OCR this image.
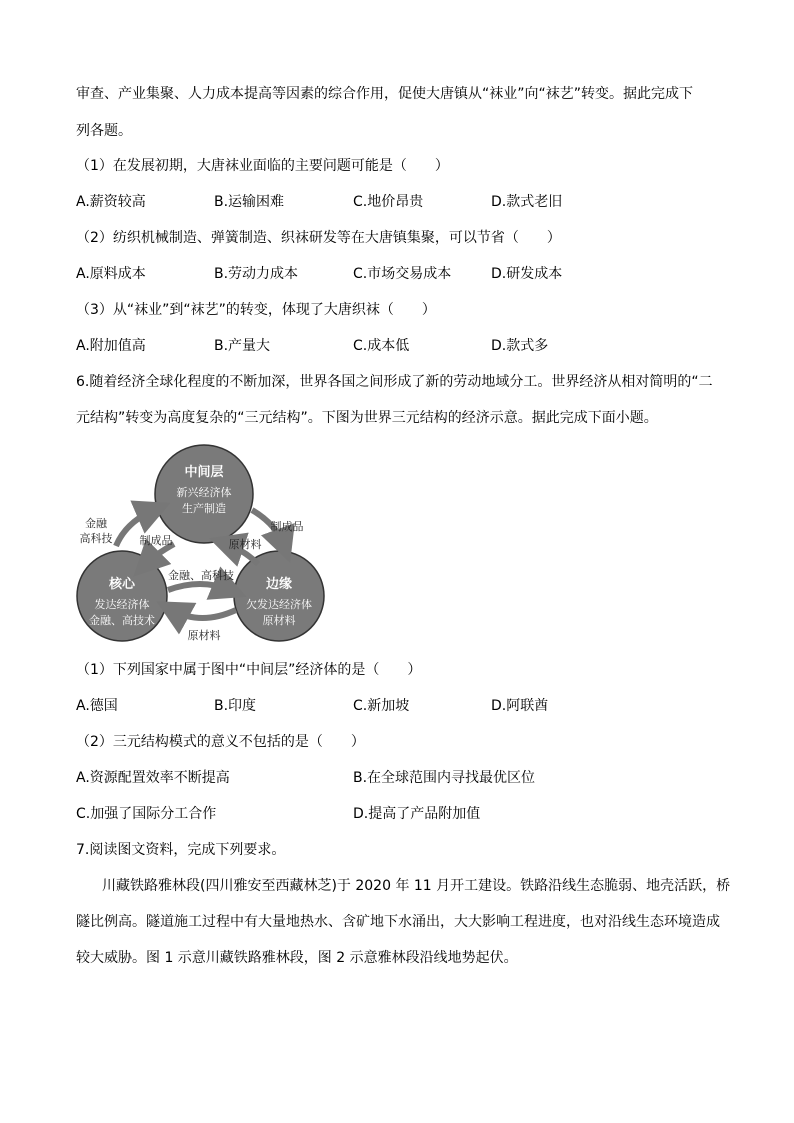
审查、产业集聚、人力成本提高等因素的综合作用，促使大唐镇从“袜业”向“袜艺”转变。据此完成下
列各题。
（1）在发展初期，大唐袜业面临的主要问题可能是（　　）
A.薪资较高	B.运输困难	C.地价昂贵	D.款式老旧
（2）纺织机械制造、弹簧制造、织袜研发等在大唐镇集聚，可以节省（　　）
A.原料成本	B.劳动力成本	C.市场交易成本	D.研发成本
（3）从“袜业”到“袜艺”的转变，体现了大唐织袜（　　）
A.附加值高	B.产量大	C.成本低	D.款式多
6.随着经济全球化程度的不断加深，世界各国之间形成了新的劳动地域分工。世界经济从相对简明的“二
元结构”转变为高度复杂的“三元结构”。下图为世界三元结构的经济示意。据此完成下面小题。
中间层
新兴经济体
生产制造
核心
发达经济体
金融、高技术
边缘
欠发达经济体
原材料
金融
高科技 制成品
制成品
原材料
金融、高科技
原材料
（1）下列国家中属于图中“中间层”经济体的是（　　）
A.德国	B.印度	C.新加坡	D.阿联酋
（2）三元结构模式的意义不包括的是（　　）
A.资源配置效率不断提高	B.在全球范围内寻找最优区位
C.加强了国际分工合作	D.提高了产品附加值
7.阅读图文资料，完成下列要求。
川藏铁路雅林段(四川雅安至西藏林芝)于 2020 年 11 月开工建设。铁路沿线生态脆弱、地壳活跃，桥
隧比例高。隧道施工过程中有大量地热水、含矿地下水涌出，大大影响工程进度，也对沿线生态环境造成
较大威胁。图 1 示意川藏铁路雅林段，图 2 示意雅林段沿线地势起伏。
